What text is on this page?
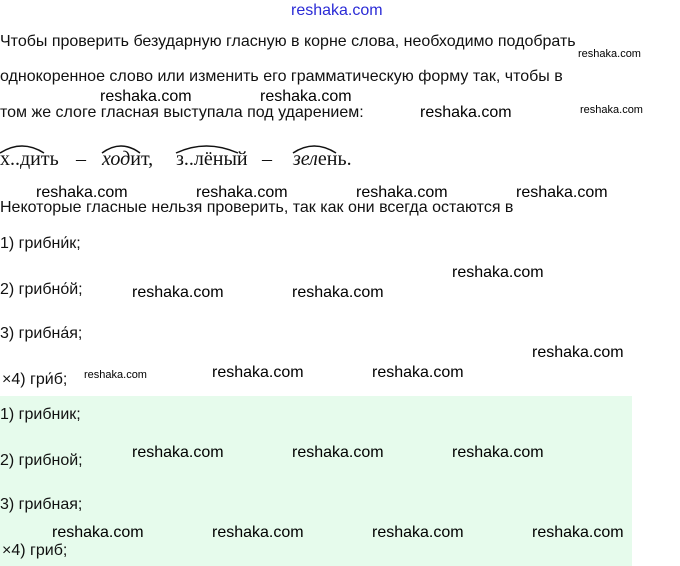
reshaka.com
Чтобы проверить безударную гласную в корне слова, необходимо подобрать
однокоренное слово или изменить его грамматическую форму так, чтобы в
том же слоге гласная выступала под ударением:
х..дить – ходит, з..лёный – зелень.
Некоторые гласные нельзя проверить, так как они всегда остаются в
1) грибни́к;
2) грибно́й;
3) грибна́я;
×4) гри́б;
1) грибник;
2) грибной;
3) грибная;
×4) гриб;
reshaka.com
reshaka.com	reshaka.com
reshaka.com	reshaka.com
reshaka.com	reshaka.com	reshaka.com	reshaka.com
reshaka.com
reshaka.com	reshaka.com
reshaka.com
reshaka.com	reshaka.com	reshaka.com
reshaka.com	reshaka.com	reshaka.com
reshaka.com	reshaka.com	reshaka.com	reshaka.com
